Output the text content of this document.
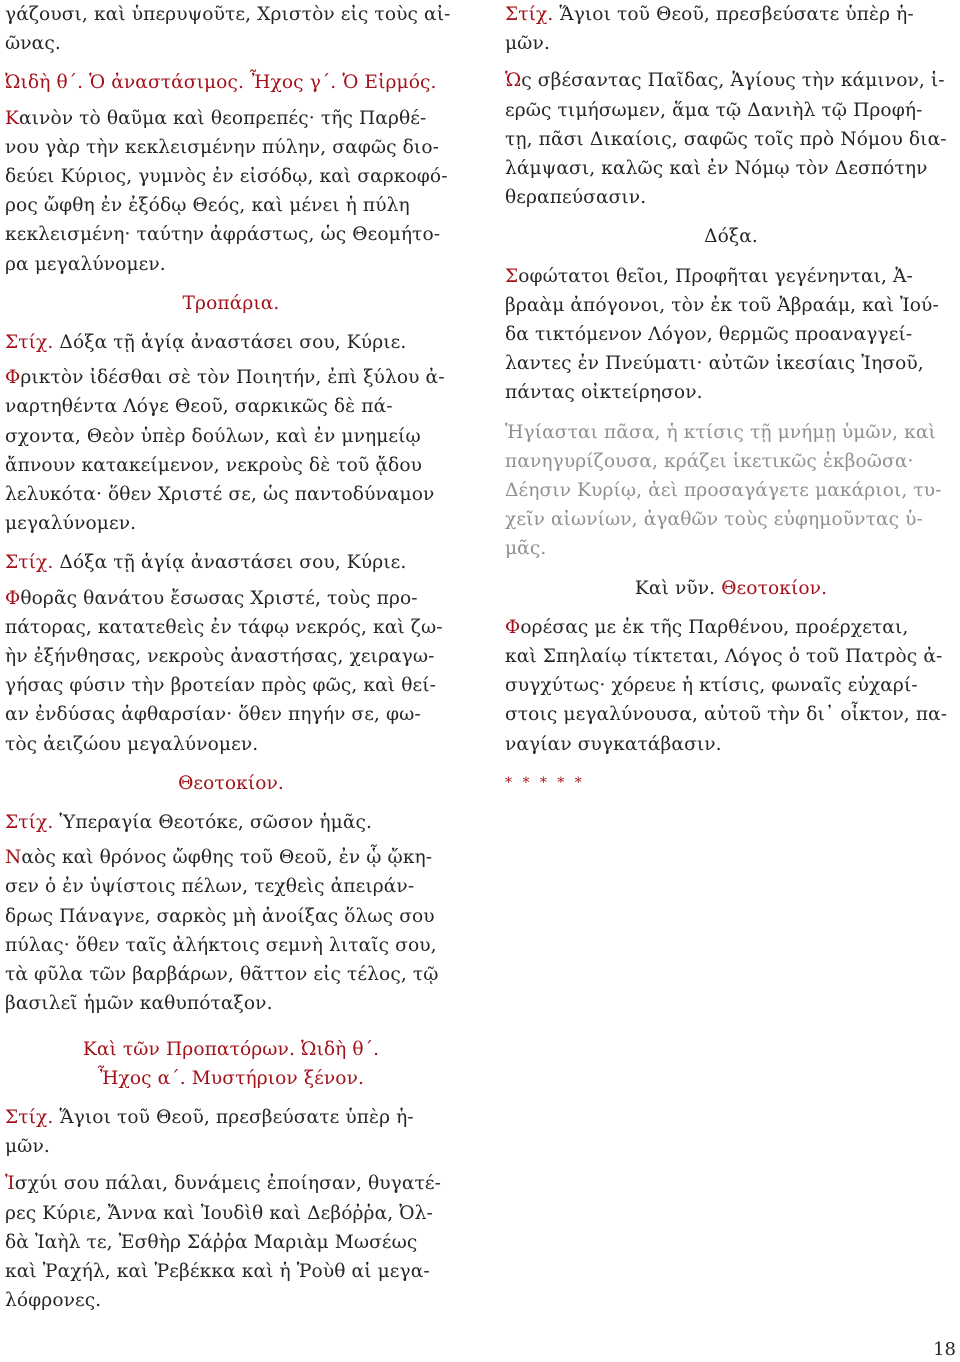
γάζουσι, καὶ ὑπερυψοῦτε, Χριστὸν εἰς τοὺς αἰ-
ῶνας.

Ὠιδὴ θ΄. Ὁ ἀναστάσιμος. Ἦχος γ΄. Ὁ Εἱρμός.

Καινὸν τὸ θαῦμα καὶ θεοπρεπές· τῆς Παρθέ-
νου γὰρ τὴν κεκλεισμένην πύλην, σαφῶς διο-
δεύει Κύριος, γυμνὸς ἐν εἰσόδῳ, καὶ σαρκοφό-
ρος ὤφθη ἐν ἐξόδῳ Θεός, καὶ μένει ἡ πύλη
κεκλεισμένη· ταύτην ἀφράστως, ὡς Θεομήτο-
ρα μεγαλύνομεν.

Τροπάρια.

Στίχ. Δόξα τῇ ἁγίᾳ ἀναστάσει σου, Κύριε.

Φρικτὸν ἰδέσθαι σὲ τὸν Ποιητήν, ἐπὶ ξύλου ἀ-
ναρτηθέντα Λόγε Θεοῦ, σαρκικῶς δὲ πά-
σχοντα, Θεὸν ὑπὲρ δούλων, καὶ ἐν μνημείῳ
ἄπνουν κατακείμενον, νεκροὺς δὲ τοῦ ᾄδου
λελυκότα· ὅθεν Χριστέ σε, ὡς παντοδύναμον
μεγαλύνομεν.

Στίχ. Δόξα τῇ ἁγίᾳ ἀναστάσει σου, Κύριε.

Φθορᾶς θανάτου ἔσωσας Χριστέ, τοὺς προ-
πάτορας, κατατεθεὶς ἐν τάφῳ νεκρός, καὶ ζω-
ὴν ἐξήνθησας, νεκροὺς ἀναστήσας, χειραγω-
γήσας φύσιν τὴν βροτείαν πρὸς φῶς, καὶ θεί-
αν ἐνδύσας ἀφθαρσίαν· ὅθεν πηγήν σε, φω-
τὸς ἀειζώου μεγαλύνομεν.

Θεοτοκίον.

Στίχ. Ὑπεραγία Θεοτόκε, σῶσον ἡμᾶς.

Ναὸς καὶ θρόνος ὤφθης τοῦ Θεοῦ, ἐν ᾧ ᾤκη-
σεν ὁ ἐν ὑψίστοις πέλων, τεχθεὶς ἀπειράν-
δρως Πάναγνε, σαρκὸς μὴ ἀνοίξας ὅλως σου
πύλας· ὅθεν ταῖς ἀλήκτοις σεμνὴ λιταῖς σου,
τὰ φῦλα τῶν βαρβάρων, θᾶττον εἰς τέλος, τῷ
βασιλεῖ ἡμῶν καθυπόταξον.

Καὶ τῶν Προπατόρων. Ὠιδὴ θ΄.

Ἦχος α΄. Μυστήριον ξένον.

Στίχ. Ἅγιοι τοῦ Θεοῦ, πρεσβεύσατε ὑπὲρ ἡ-
μῶν.

Ἰσχύι σου πάλαι, δυνάμεις ἐποίησαν, θυγατέ-
ρες Κύριε, Ἄννα καὶ Ἰουδὶθ καὶ Δεβόῤῥα, Ὀλ-
δὰ Ἰαὴλ τε, Ἐσθὴρ Σάῤῥα Μαριὰμ Μωσέως
καὶ Ῥαχήλ, καὶ Ῥεβέκκα καὶ ἡ Ῥοὺθ αἱ μεγα-
λόφρονες.

Στίχ. Ἅγιοι τοῦ Θεοῦ, πρεσβεύσατε ὑπὲρ ἡ-
μῶν.

Ὡς σβέσαντας Παῖδας, Ἁγίους τὴν κάμινον, ἱ-
ερῶς τιμήσωμεν, ἅμα τῷ Δανιὴλ τῷ Προφή-
τῃ, πᾶσι Δικαίοις, σαφῶς τοῖς πρὸ Νόμου δια-
λάμψασι, καλῶς καὶ ἐν Νόμῳ τὸν Δεσπότην
θεραπεύσασιν.

Δόξα.

Σοφώτατοι θεῖοι, Προφῆται γεγένηνται, Ἀ-
βραὰμ ἀπόγονοι, τὸν ἐκ τοῦ Ἀβραάμ, καὶ Ἰού-
δα τικτόμενον Λόγον, θερμῶς προαναγγεί-
λαντες ἐν Πνεύματι· αὐτῶν ἱκεσίαις Ἰησοῦ,
πάντας οἰκτείρησον.

Ἡγίασται πᾶσα, ἡ κτίσις τῇ μνήμῃ ὑμῶν, καὶ
πανηγυρίζουσα, κράζει ἱκετικῶς ἐκβοῶσα·
Δέησιν Κυρίῳ, ἀεὶ προσαγάγετε μακάριοι, τυ-
χεῖν αἰωνίων, ἀγαθῶν τοὺς εὐφημοῦντας ὑ-
μᾶς.

Καὶ νῦν. Θεοτοκίον.

Φορέσας με ἐκ τῆς Παρθένου, προέρχεται,
καὶ Σπηλαίῳ τίκτεται, Λόγος ὁ τοῦ Πατρὸς ἀ-
συγχύτως· χόρευε ἡ κτίσις, φωναῖς εὐχαρί-
στοις μεγαλύνουσα, αὐτοῦ τὴν δι᾽ οἶκτον, πα-
ναγίαν συγκατάβασιν.

* * * * *

18
